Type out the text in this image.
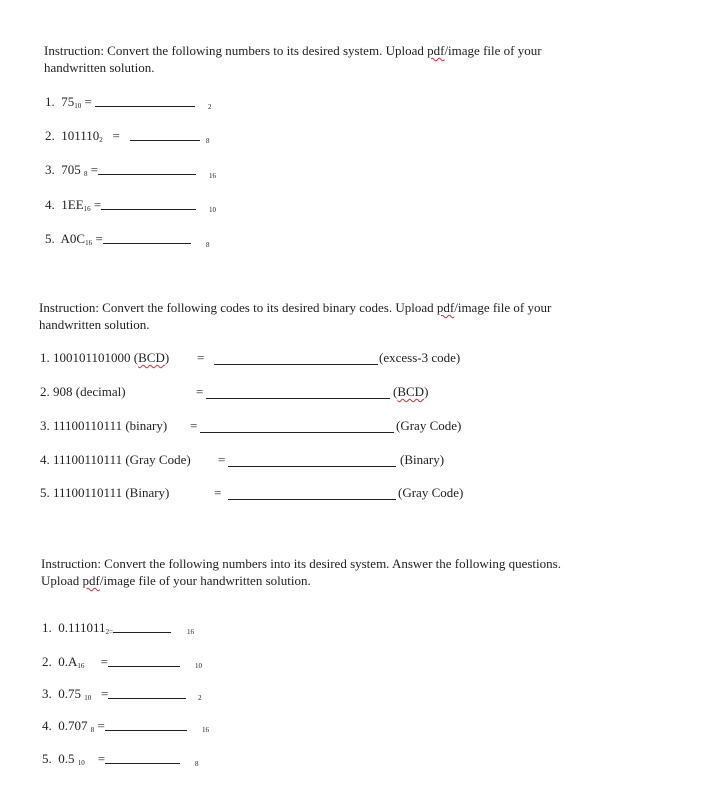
Instruction: Convert the following numbers to its desired system. Upload pdf/image file of your
handwritten solution.
1. $75_{10}$ =	2
2. $101110_2$ =	8
3. 705 $_8$ =	16
4. $1EE_{16}$ =	10
5. $A0C_{16}$ =	8
Instruction: Convert the following codes to its desired binary codes. Upload pdf/image file of your
handwritten solution.
1. 100101101000 (BCD) =	(excess-3 code)
2. 908 (decimal)	=	(BCD)
3. 11100110111 (binary) =	(Gray Code)
4. 11100110111 (Gray Code) =	(Binary)
5. 11100110111 (Binary)	=	(Gray Code)
Instruction: Convert the following numbers into its desired system. Answer the following questions.
Upload pdf/image file of your handwritten solution.
1. $0.111011_{2=}$	16
2. $0.A_{16}$ =	10
3. 0.75 $_{10}$ =	2
4. 0.707 $_8$ =	16
5. 0.5 $_{10}$ =	8
